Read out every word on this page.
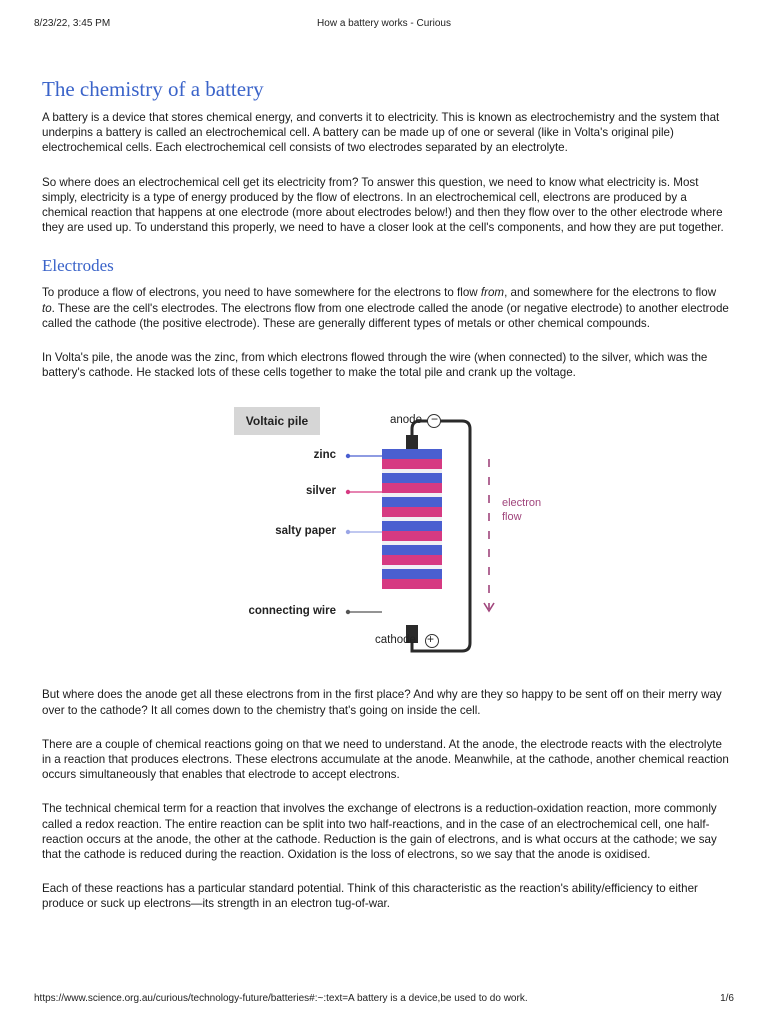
8/23/22, 3:45 PM	How a battery works - Curious
The chemistry of a battery

A battery is a device that stores chemical energy, and converts it to electricity. This is known as electrochemistry and the system that underpins a battery is called an electrochemical cell. A battery can be made up of one or several (like in Volta's original pile) electrochemical cells. Each electrochemical cell consists of two electrodes separated by an electrolyte.

So where does an electrochemical cell get its electricity from? To answer this question, we need to know what electricity is. Most simply, electricity is a type of energy produced by the flow of electrons. In an electrochemical cell, electrons are produced by a chemical reaction that happens at one electrode (more about electrodes below!) and then they flow over to the other electrode where they are used up. To understand this properly, we need to have a closer look at the cell's components, and how they are put together.

Electrodes

To produce a flow of electrons, you need to have somewhere for the electrons to flow from, and somewhere for the electrons to flow to. These are the cell's electrodes. The electrons flow from one electrode called the anode (or negative electrode) to another electrode called the cathode (the positive electrode). These are generally different types of metals or other chemical compounds.

In Volta's pile, the anode was the zinc, from which electrons flowed through the wire (when connected) to the silver, which was the battery's cathode. He stacked lots of these cells together to make the total pile and crank up the voltage.

Voltaic pile	anode −
cathode +
zinc
silver
salty paper
connecting wire
electron
flow

But where does the anode get all these electrons from in the first place? And why are they so happy to be sent off on their merry way over to the cathode? It all comes down to the chemistry that's going on inside the cell.

There are a couple of chemical reactions going on that we need to understand. At the anode, the electrode reacts with the electrolyte in a reaction that produces electrons. These electrons accumulate at the anode. Meanwhile, at the cathode, another chemical reaction occurs simultaneously that enables that electrode to accept electrons.

The technical chemical term for a reaction that involves the exchange of electrons is a reduction-oxidation reaction, more commonly called a redox reaction. The entire reaction can be split into two half-reactions, and in the case of an electrochemical cell, one half-reaction occurs at the anode, the other at the cathode. Reduction is the gain of electrons, and is what occurs at the cathode; we say that the cathode is reduced during the reaction. Oxidation is the loss of electrons, so we say that the anode is oxidised.

Each of these reactions has a particular standard potential. Think of this characteristic as the reaction's ability/efficiency to either produce or suck up electrons—its strength in an electron tug-of-war.

https://www.science.org.au/curious/technology-future/batteries#:~:text=A battery is a device,be used to do work.	1/6
